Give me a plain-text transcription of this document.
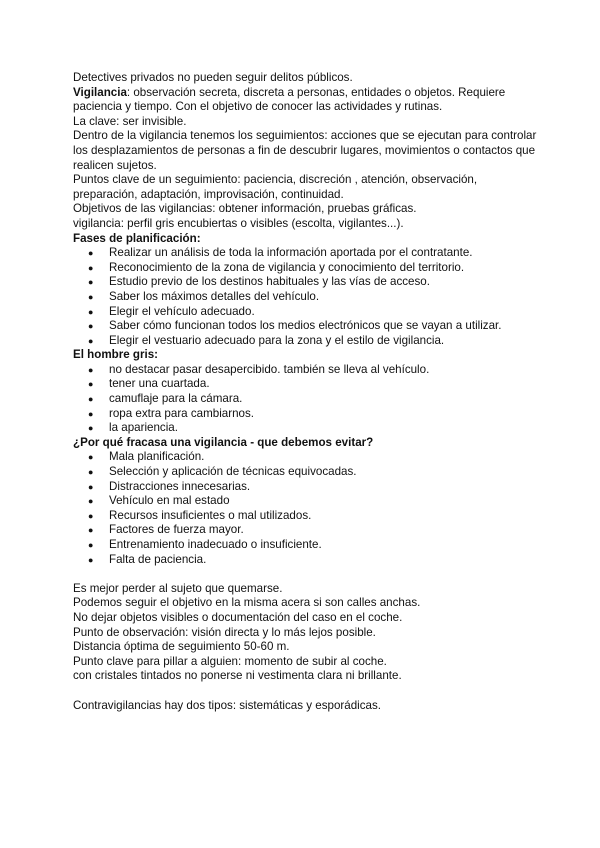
Detectives privados no pueden seguir delitos públicos.

Vigilancia: observación secreta, discreta a personas, entidades o objetos. Requiere paciencia y tiempo. Con el objetivo de conocer las actividades y rutinas.

La clave: ser invisible.

Dentro de la vigilancia tenemos los seguimientos: acciones que se ejecutan para controlar los desplazamientos de personas a fin de descubrir lugares, movimientos o contactos que realicen sujetos.

Puntos clave de un seguimiento: paciencia, discreción , atención, observación, preparación, adaptación, improvisación, continuidad.

Objetivos de las vigilancias: obtener información, pruebas gráficas.

vigilancia: perfil gris encubiertas o visibles (escolta, vigilantes...).

Fases de planificación:

● Realizar un análisis de toda la información aportada por el contratante.
● Reconocimiento de la zona de vigilancia y conocimiento del territorio.
● Estudio previo de los destinos habituales y las vías de acceso.
● Saber los máximos detalles del vehículo.
● Elegir el vehículo adecuado.
● Saber cómo funcionan todos los medios electrónicos que se vayan a utilizar.
● Elegir el vestuario adecuado para la zona y el estilo de vigilancia.

El hombre gris:

● no destacar pasar desapercibido. también se lleva al vehículo.
● tener una cuartada.
● camuflaje para la cámara.
● ropa extra para cambiarnos.
● la apariencia.

¿Por qué fracasa una vigilancia - que debemos evitar?

● Mala planificación.
● Selección y aplicación de técnicas equivocadas.
● Distracciones innecesarias.
● Vehículo en mal estado
● Recursos insuficientes o mal utilizados.
● Factores de fuerza mayor.
● Entrenamiento inadecuado o insuficiente.
● Falta de paciencia.

Es mejor perder al sujeto que quemarse.

Podemos seguir el objetivo en la misma acera si son calles anchas.

No dejar objetos visibles o documentación del caso en el coche.

Punto de observación: visión directa y lo más lejos posible.

Distancia óptima de seguimiento 50-60 m.

Punto clave para pillar a alguien: momento de subir al coche.

con cristales tintados no ponerse ni vestimenta clara ni brillante.

Contravigilancias hay dos tipos: sistemáticas y esporádicas.
